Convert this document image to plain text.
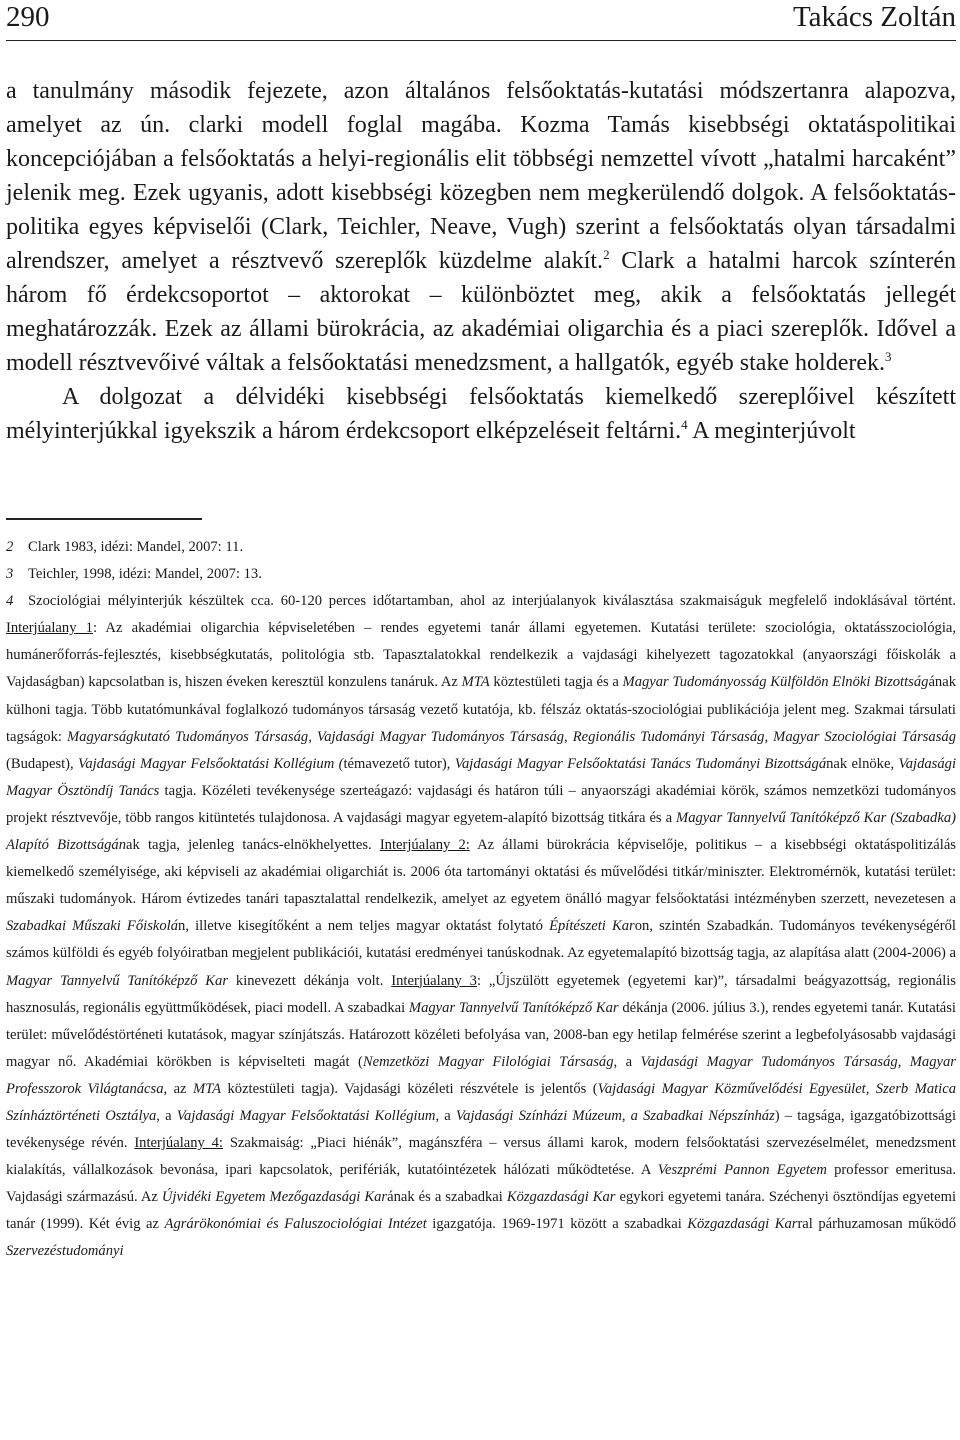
290	Takács Zoltán

a tanulmány második fejezete, azon általános felsőoktatás-kutatási módszertanra alapozva, amelyet az ún. clarki modell foglal magába. Kozma Tamás kisebbségi oktatáspolitikai koncepciójában a felsőoktatás a helyi-regionális elit többségi nemzettel vívott „hatalmi harcaként” jelenik meg. Ezek ugyanis, adott kisebbségi közegben nem megkerülendő dolgok. A felsőoktatás-politika egyes képviselői (Clark, Teichler, Neave, Vugh) szerint a felsőoktatás olyan társadalmi alrendszer, amelyet a résztvevő szereplők küzdelme alakít.$^2$ Clark a hatalmi harcok színterén három fő érdekcsoportot – aktorokat – különböztet meg, akik a felsőoktatás jellegét meghatározzák. Ezek az állami bürokrácia, az akadémiai oligarchia és a piaci szereplők. Idővel a modell résztvevőivé váltak a felsőoktatási menedzsment, a hallgatók, egyéb stake holderek.$^3$

A dolgozat a délvidéki kisebbségi felsőoktatás kiemelkedő szereplőivel készített mélyinterjúkkal igyekszik a három érdekcsoport elképzeléseit feltárni.$^4$ A meginterjúvolt

2 Clark 1983, idézi: Mandel, 2007: 11.

3 Teichler, 1998, idézi: Mandel, 2007: 13.

4 Szociológiai mélyinterjúk készültek cca. 60-120 perces időtartamban, ahol az interjúalanyok kiválasztása szakmaiságuk megfelelő indoklásával történt. Interjúalany 1: Az akadémiai oligarchia képviseletében – rendes egyetemi tanár állami egyetemen. Kutatási területe: szociológia, oktatásszociológia, humánerőforrás-fejlesztés, kisebbségkutatás, politológia stb. Tapasztalatokkal rendelkezik a vajdasági kihelyezett tagozatokkal (anyaországi főiskolák a Vajdaságban) kapcsolatban is, hiszen éveken keresztül konzulens tanáruk. Az MTA köztestületi tagja és a Magyar Tudományosság Külföldön Elnöki Bizottságának külhoni tagja. Több kutatómunkával foglalkozó tudományos társaság vezető kutatója, kb. félszáz oktatás-szociológiai publikációja jelent meg. Szakmai társulati tagságok: Magyarságkutató Tudományos Társaság, Vajdasági Magyar Tudományos Társaság, Regionális Tudományi Társaság, Magyar Szociológiai Társaság (Budapest), Vajdasági Magyar Felsőoktatási Kollégium (témavezető tutor), Vajdasági Magyar Felsőoktatási Tanács Tudományi Bizottságának elnöke, Vajdasági Magyar Ösztöndíj Tanács tagja. Közéleti tevékenysége szerteágazó: vajdasági és határon túli – anyaországi akadémiai körök, számos nemzetközi tudományos projekt résztvevője, több rangos kitüntetés tulajdonosa. A vajdasági magyar egyetem-alapító bizottság titkára és a Magyar Tannyelvű Tanítóképző Kar (Szabadka) Alapító Bizottságának tagja, jelenleg tanács-elnökhelyettes. Interjúalany 2: Az állami bürokrácia képviselője, politikus – a kisebbségi oktatáspolitizálás kiemelkedő személyisége, aki képviseli az akadémiai oligarchiát is. 2006 óta tartományi oktatási és művelődési titkár/miniszter. Elektromérnök, kutatási terület: műszaki tudományok. Három évtizedes tanári tapasztalattal rendelkezik, amelyet az egyetem önálló magyar felsőoktatási intézményben szerzett, nevezetesen a Szabadkai Műszaki Főiskolán, illetve kisegítőként a nem teljes magyar oktatást folytató Építészeti Karon, szintén Szabadkán. Tudományos tevékenységéről számos külföldi és egyéb folyóiratban megjelent publikációi, kutatási eredményei tanúskodnak. Az egyetemalapító bizottság tagja, az alapítása alatt (2004-2006) a Magyar Tannyelvű Tanítóképző Kar kinevezett dékánja volt. Interjúalany 3: „Újszülött egyetemek (egyetemi kar)”, társadalmi beágyazottság, regionális hasznosulás, regionális együttműködések, piaci modell. A szabadkai Magyar Tannyelvű Tanítóképző Kar dékánja (2006. július 3.), rendes egyetemi tanár. Kutatási terület: művelődéstörténeti kutatások, magyar színjátszás. Határozott közéleti befolyása van, 2008-ban egy hetilap felmérése szerint a legbefolyásosabb vajdasági magyar nő. Akadémiai körökben is képviselteti magát (Nemzetközi Magyar Filológiai Társaság, a Vajdasági Magyar Tudományos Társaság, Magyar Professzorok Világtanácsa, az MTA köztestületi tagja). Vajdasági közéleti részvétele is jelentős (Vajdasági Magyar Közművelődési Egyesület, Szerb Matica Színháztörténeti Osztálya, a Vajdasági Magyar Felsőoktatási Kollégium, a Vajdasági Színházi Múzeum, a Szabadkai Népszínház) – tagsága, igazgatóbizottsági tevékenysége révén. Interjúalany 4: Szakmaiság: „Piaci hiénák”, magánszféra – versus állami karok, modern felsőoktatási szervezéselmélet, menedzsment kialakítás, vállalkozások bevonása, ipari kapcsolatok, perifériák, kutatóintézetek hálózati működtetése. A Veszprémi Pannon Egyetem professor emeritusa. Vajdasági származású. Az Újvidéki Egyetem Mezőgazdasági Karának és a szabadkai Közgazdasági Kar egykori egyetemi tanára. Széchenyi ösztöndíjas egyetemi tanár (1999). Két évig az Agrárökonómiai és Faluszociológiai Intézet igazgatója. 1969-1971 között a szabadkai Közgazdasági Karral párhuzamosan működő Szervezéstudományi
